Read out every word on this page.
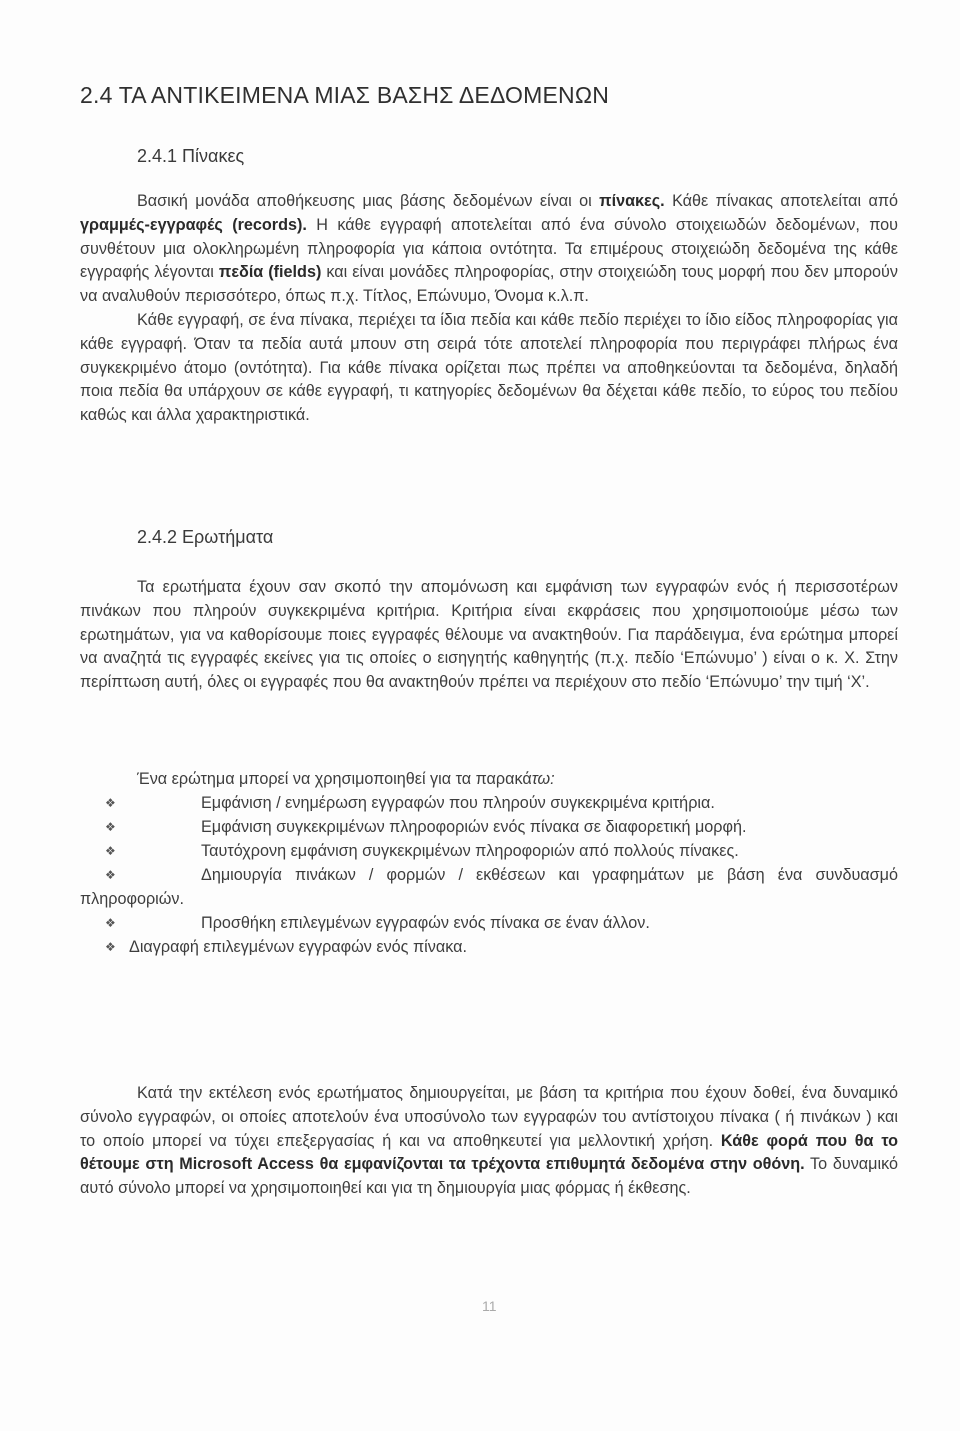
2.4 ΤΑ ΑΝΤΙΚΕΙΜΕΝΑ ΜΙΑΣ ΒΑΣΗΣ ΔΕΔΟΜΕΝΩΝ
2.4.1 Πίνακες

Βασική μονάδα αποθήκευσης μιας βάσης δεδομένων είναι οι πίνακες. Κάθε πίνακας αποτελείται από γραμμές-εγγραφές (records). Η κάθε εγγραφή αποτελείται από ένα σύνολο στοιχειωδών δεδομένων, που συνθέτουν μια ολοκληρωμένη πληροφορία για κάποια οντότητα. Τα επιμέρους στοιχειώδη δεδομένα της κάθε εγγραφής λέγονται πεδία (fields) και είναι μονάδες πληροφορίας, στην στοιχειώδη τους μορφή που δεν μπορούν να αναλυθούν περισσότερο, όπως π.χ. Τίτλος, Επώνυμο, Όνομα κ.λ.π.

Κάθε εγγραφή, σε ένα πίνακα, περιέχει τα ίδια πεδία και κάθε πεδίο περιέχει το ίδιο είδος πληροφορίας για κάθε εγγραφή. Όταν τα πεδία αυτά μπουν στη σειρά τότε αποτελεί πληροφορία που περιγράφει πλήρως ένα συγκεκριμένο άτομο (οντότητα). Για κάθε πίνακα ορίζεται πως πρέπει να αποθηκεύονται τα δεδομένα, δηλαδή ποια πεδία θα υπάρχουν σε κάθε εγγραφή, τι κατηγορίες δεδομένων θα δέχεται κάθε πεδίο, το εύρος του πεδίου καθώς και άλλα χαρακτηριστικά.

2.4.2 Ερωτήματα

Τα ερωτήματα έχουν σαν σκοπό την απομόνωση και εμφάνιση των εγγραφών ενός ή περισσοτέρων πινάκων που πληρούν συγκεκριμένα κριτήρια. Κριτήρια είναι εκφράσεις που χρησιμοποιούμε μέσω των ερωτημάτων, για να καθορίσουμε ποιες εγγραφές θέλουμε να ανακτηθούν. Για παράδειγμα, ένα ερώτημα μπορεί να αναζητά τις εγγραφές εκείνες για τις οποίες ο εισηγητής καθηγητής (π.χ. πεδίο ‘Επώνυμο’ ) είναι ο κ. Χ. Στην περίπτωση αυτή, όλες οι εγγραφές που θα ανακτηθούν πρέπει να περιέχουν στο πεδίο ‘Επώνυμο’ την τιμή ‘Χ’.

Ένα ερώτημα μπορεί να χρησιμοποιηθεί για τα παρακάτω:

❖	Εμφάνιση / ενημέρωση εγγραφών που πληρούν συγκεκριμένα κριτήρια.
❖	Εμφάνιση συγκεκριμένων πληροφοριών ενός πίνακα σε διαφορετική μορφή.
❖	Ταυτόχρονη εμφάνιση συγκεκριμένων πληροφοριών από πολλούς πίνακες.
❖	Δημιουργία πινάκων / φορμών / εκθέσεων και γραφημάτων με βάση ένα συνδυασμό πληροφοριών.
❖	Προσθήκη επιλεγμένων εγγραφών ενός πίνακα σε έναν άλλον.
❖ Διαγραφή επιλεγμένων εγγραφών ενός πίνακα.

Κατά την εκτέλεση ενός ερωτήματος δημιουργείται, με βάση τα κριτήρια που έχουν δοθεί, ένα δυναμικό σύνολο εγγραφών, οι οποίες αποτελούν ένα υποσύνολο των εγγραφών του αντίστοιχου πίνακα ( ή πινάκων ) και το οποίο μπορεί να τύχει επεξεργασίας ή και να αποθηκευτεί για μελλοντική χρήση. Κάθε φορά που θα το θέτουμε στη Microsoft Access θα εμφανίζονται τα τρέχοντα επιθυμητά δεδομένα στην οθόνη. Το δυναμικό αυτό σύνολο μπορεί να χρησιμοποιηθεί και για τη δημιουργία μιας φόρμας ή έκθεσης.

11
